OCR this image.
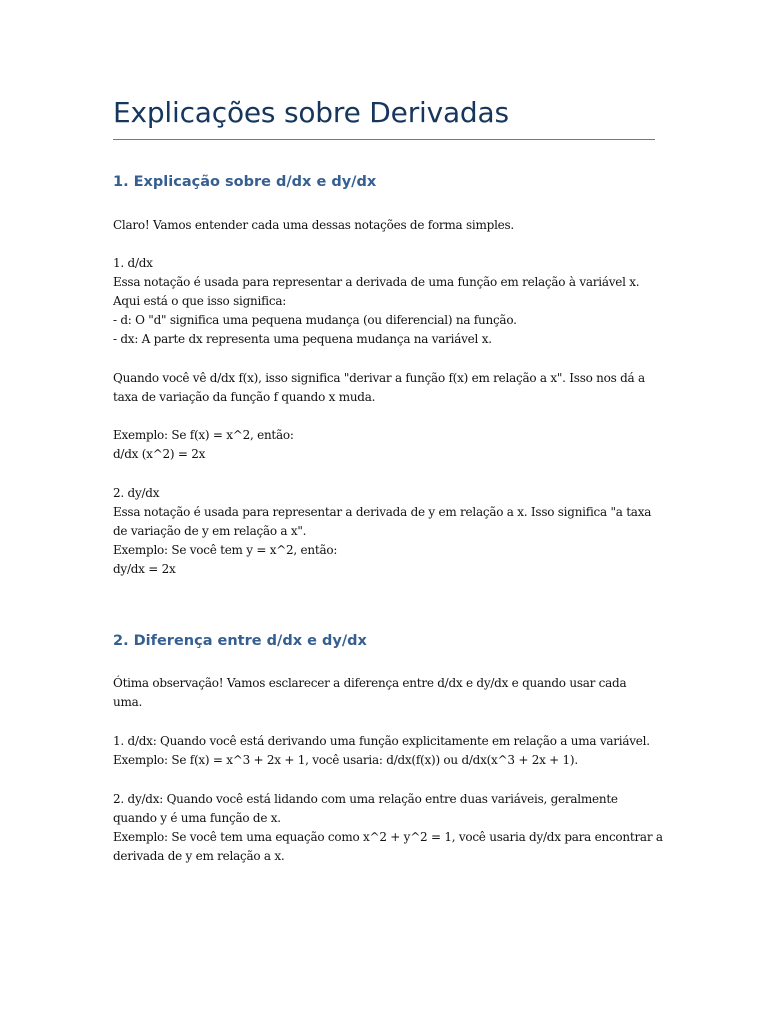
Explicações sobre Derivadas
1. Explicação sobre d/dx e dy/dx
Claro! Vamos entender cada uma dessas notações de forma simples.
1. d/dx
Essa notação é usada para representar a derivada de uma função em relação à variável x.
Aqui está o que isso significa:
- d: O "d" significa uma pequena mudança (ou diferencial) na função.
- dx: A parte dx representa uma pequena mudança na variável x.
Quando você vê d/dx f(x), isso significa "derivar a função f(x) em relação a x". Isso nos dá a
taxa de variação da função f quando x muda.
Exemplo: Se f(x) = x^2, então:
d/dx (x^2) = 2x
2. dy/dx
Essa notação é usada para representar a derivada de y em relação a x. Isso significa "a taxa
de variação de y em relação a x".
Exemplo: Se você tem y = x^2, então:
dy/dx = 2x
2. Diferença entre d/dx e dy/dx
Ótima observação! Vamos esclarecer a diferença entre d/dx e dy/dx e quando usar cada
uma.
1. d/dx: Quando você está derivando uma função explicitamente em relação a uma variável.
Exemplo: Se f(x) = x^3 + 2x + 1, você usaria: d/dx(f(x)) ou d/dx(x^3 + 2x + 1).
2. dy/dx: Quando você está lidando com uma relação entre duas variáveis, geralmente
quando y é uma função de x.
Exemplo: Se você tem uma equação como x^2 + y^2 = 1, você usaria dy/dx para encontrar a
derivada de y em relação a x.
